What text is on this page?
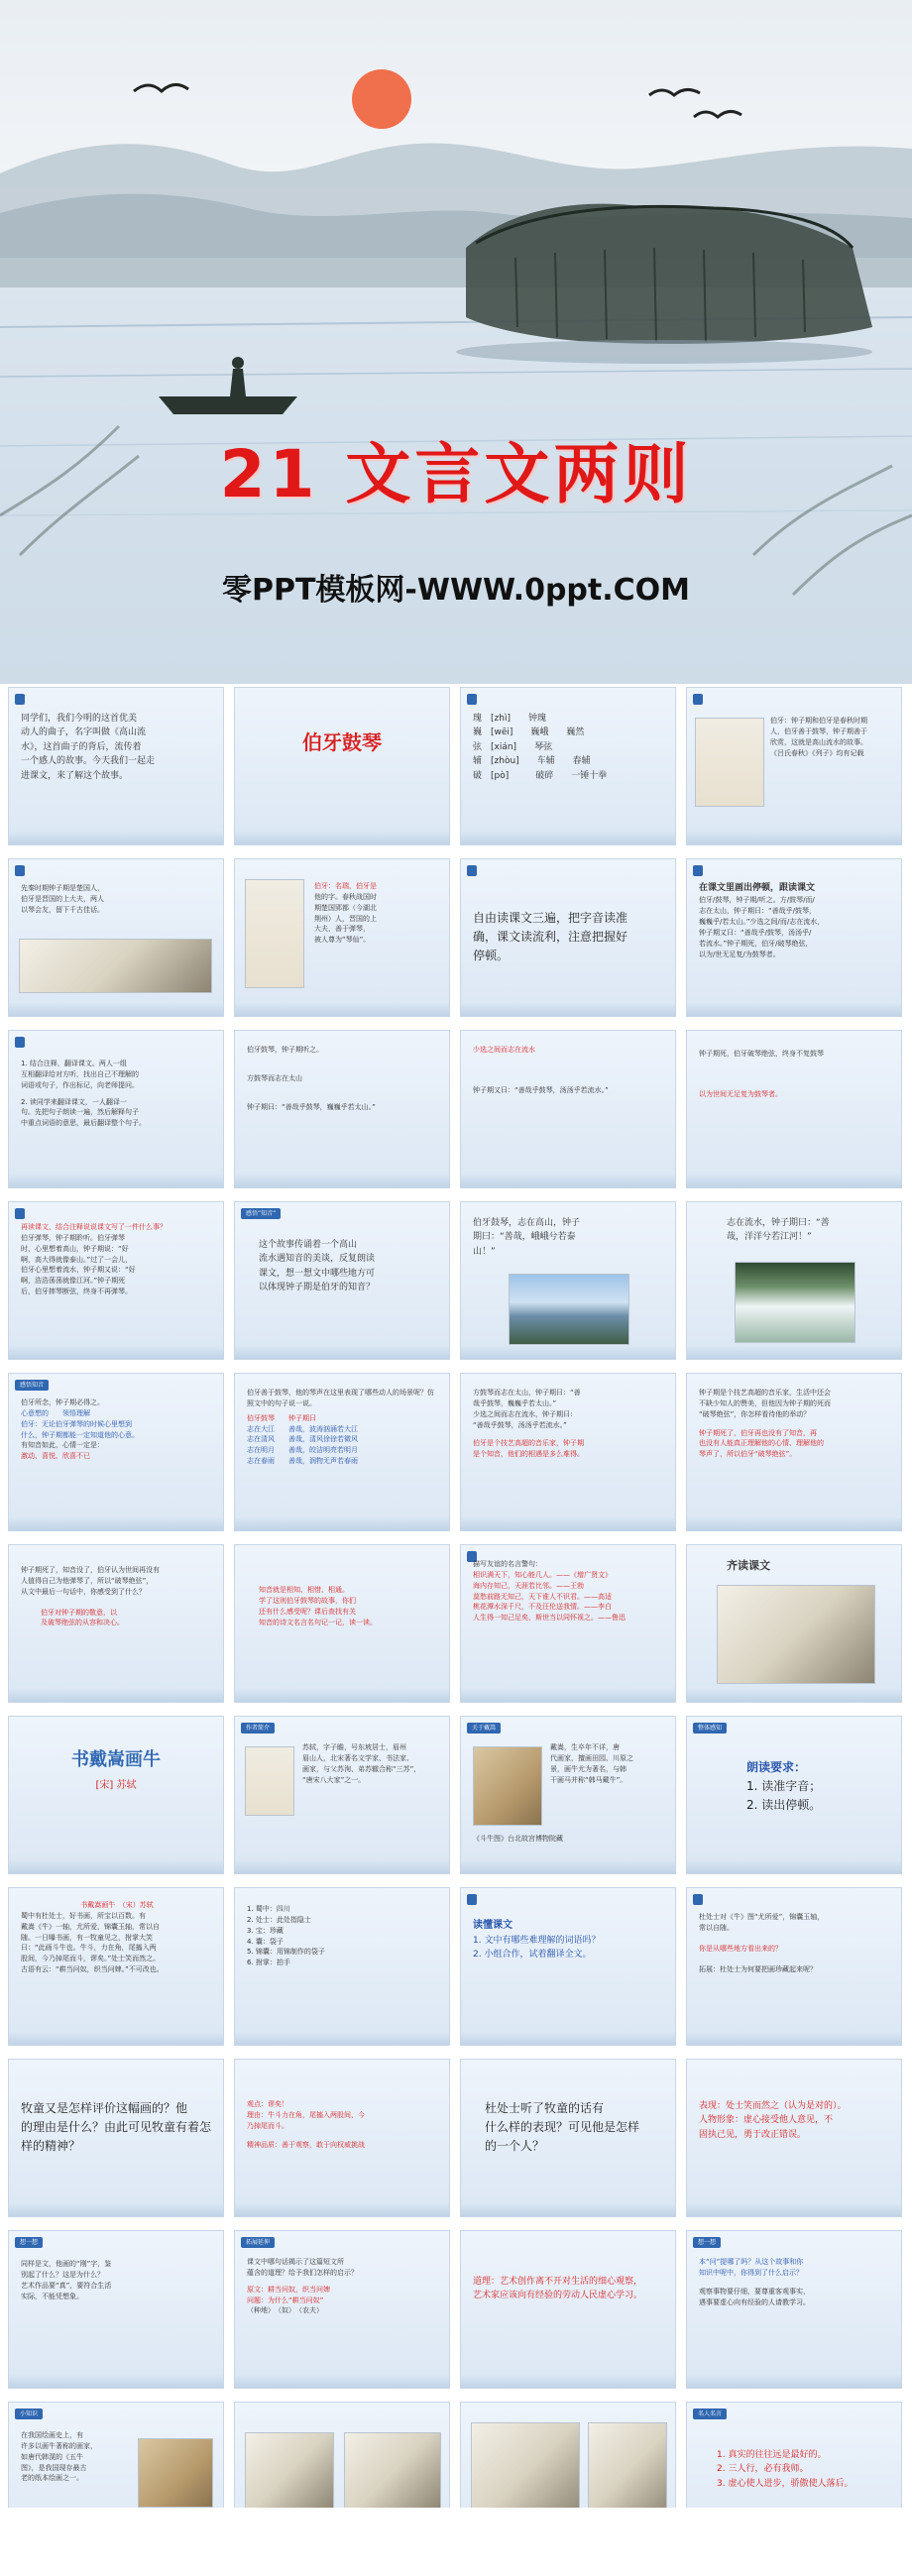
21 文言文两则
零PPT模板网-WWW.0ppt.COM
同学们，我们今明的这首优美
动人的曲子，名字叫做《高山流
水》，这首曲子的背后，流传着
一个感人的故事。今天我们一起走
进课文，来了解这个故事。
伯牙鼓琴
瑰　[zhì]　　钟瑰
巍　[wēi]　　巍峨　　巍然
弦　[xián]　　琴弦
辅　[zhòu]　　车辅　　春辅
破　[pò]　　　破碎　　一锤十拳
伯牙：钟子期和伯牙是春秋时期
人，伯牙善于鼓琴，钟子期善于
欣赏，这就是高山流水的故事。
《吕氏春秋》《列子》均有记载
先秦时期钟子期是楚国人，
伯牙是晋国的上大夫，两人
以琴会友，留下千古佳话。
伯牙：名瑞，伯牙是
他的字。春秋战国时
期楚国郢都（今湖北
荆州）人，晋国的上
大夫，善于弹琴，
被人尊为“琴仙”。
自由读课文三遍，把字音读准
确，课文读流利，注意把握好
停顿。
在课文里画出停顿，跟读课文
伯牙/鼓琴，钟子期/听之。方/鼓琴/而/
志在太山，钟子期曰：“善哉乎/鼓琴，
巍巍乎/若太山。”少选之间/而/志在流水，
钟子期又曰：“善哉乎/鼓琴，汤汤乎/
若流水。”钟子期死，伯牙/破琴绝弦，
以为/世无足复/为鼓琴者。
1. 结合注释，翻译课文。两人一组
互相翻译给对方听，找出自己不理解的
词语或句子，作出标记，向老师提问。
2. 读同学来翻译课文，一人翻译一
句。先把句子朗读一遍，然后解释句子
中重点词语的意思，最后翻译整个句子。
伯牙鼓琴，钟子期听之。
方鼓琴而志在太山
钟子期曰：“善哉乎鼓琴，巍巍乎若太山。”
少选之间而志在流水
钟子期又曰：“善哉乎鼓琴，汤汤乎若流水。”
钟子期死，伯牙破琴绝弦，终身不复鼓琴
以为世间无足复为鼓琴者。
再读课文，结合注释说说课文写了一件什么事？
伯牙弹琴，钟子期聆听。伯牙弹琴
时，心里想着高山，钟子期说：“好
啊，高大得就像泰山。”过了一会儿，
伯牙心里想着流水，钟子期又说：“好
啊，浩浩荡荡就像江河。”钟子期死
后，伯牙摔琴断弦，终身不再弹琴。
感悟“知音”
这个故事传诵着一个高山
流水遇知音的美谈，反复朗读
课文，想一想文中哪些地方可
以体现钟子期是伯牙的知音？
伯牙鼓琴，志在高山，钟子
期曰：“善哉，峨峨兮若泰
山！”
志在流水，钟子期曰：“善
哉，洋洋兮若江河！”
感悟知音
伯牙所念，钟子期必得之。
心意想的　　领悟理解
伯牙：无论伯牙弹琴的时候心里想到
什么，钟子期都能一定知道他的心意。
有知音如此，心情一定是：
激动、喜悦、欣喜不已
伯牙善于鼓琴，他的琴声在这里表现了哪些动人的场景呢？仿照文中的句子说一说。
伯牙鼓琴　　钟子期曰
志在大江　　善哉，波涛汹涌若大江
志在清风　　善哉，清风徐徐若微风
志在明月　　善哉，皎洁明亮若明月
志在春雨　　善哉，润物无声若春雨
方鼓琴而志在太山，钟子期曰：“善
哉乎鼓琴，巍巍乎若太山。”
少选之间而志在流水，钟子期曰：
“善哉乎鼓琴，汤汤乎若流水。”
伯牙是个技艺高超的音乐家，钟子期
是个知音，他们的相遇是多么难得。
钟子期是个技艺高超的音乐家，生活中还会
不缺少知人的赞美，但他因为钟子期的死而
“破琴绝弦”，你怎样看待他的举动？
钟子期死了，伯牙再也没有了知音，再
也没有人能真正理解他的心情、理解他的
琴声了，所以伯牙“破琴绝弦”。
钟子期死了，知音没了，伯牙认为世间再没有
人值得自己为他弹琴了，所以“破琴绝弦”，
从文中最后一句话中，你感受到了什么？
伯牙对钟子期的敬意，以
及破琴绝弦的从容和决心。
知音就是相知、相惜、相通。
学了这则伯牙鼓琴的故事，你们
还有什么感受呢？课后查找有关
知音的诗文名言名句记一记，读一读。
描写友谊的名言警句：
相识满天下，知心能几人。——《增广贤文》
海内存知己，天涯若比邻。——王勃
莫愁前路无知己，天下谁人不识君。——高适
桃花潭水深千尺，不及汪伦送我情。——李白
人生得一知己足矣，斯世当以同怀视之。——鲁迅
齐读课文
书戴嵩画牛
[宋] 苏轼
作者简介
苏轼，字子瞻，号东坡居士，眉州
眉山人，北宋著名文学家、书法家、
画家，与父苏洵、弟苏辙合称“三苏”，
“唐宋八大家”之一。
关于戴嵩
戴嵩，生卒年不详，唐
代画家，擅画田园、川原之
景，画牛尤为著名，与韩
干画马并称“韩马戴牛”。
《斗牛图》台北故宫博物院藏
整体感知
朗读要求：
1. 读准字音；
2. 读出停顿。
书戴嵩画牛　（宋）苏轼
蜀中有杜处士，好书画，所宝以百数。有
戴嵩《牛》一轴，尤所爱，锦囊玉轴，常以自
随。一日曝书画，有一牧童见之，拊掌大笑
曰：“此画斗牛也。牛斗，力在角，尾搐入两
股间，今乃掉尾而斗，谬矣。”处士笑而然之。
古语有云：“耕当问奴，织当问婢。”不可改也。
1. 蜀中：四川
2. 处士：此处指隐士
3. 宝：珍藏
4. 囊：袋子
5. 锦囊：用锦制作的袋子
6. 拊掌：拍手
读懂课文
1. 文中有哪些难理解的词语吗？
2. 小组合作，试着翻译全文。
杜处士对《牛》图“尤所爱”，锦囊玉轴，
常以自随。
你是从哪些地方看出来的？
拓展：杜处士为何要把画珍藏起来呢？
牧童又是怎样评价这幅画的？他
的理由是什么？由此可见牧童有着怎
样的精神？
观点：谬矣！
理由：牛斗力在角，尾搐入两股间，今
乃掉尾而斗。
精神品质：善于观察，敢于向权威挑战
杜处士听了牧童的话有
什么样的表现？可见他是怎样
的一个人？
表现：处士笑而然之（认为是对的）。
人物形象：虚心接受他人意见，不
固执己见，勇于改正错误。
想一想
同样是文，他画的“刚”字，鉴
别起了什么？这是为什么？
艺术作品要“真”，要符合生活
实际，不能凭想象。
拓展延伸
课文中哪句话揭示了这篇短文所
蕴含的道理？给予我们怎样的启示？
原文：耕当问奴，织当问婢
问题：为什么“耕当问奴”
（种地）　（奴）　（农夫）
道理：艺术创作离不开对生活的细心观察，
艺术家应该向有经验的劳动人民虚心学习。
想一想
本“问”提哪了吗？从这个故事和你
知识中呢中，你得到了什么启示？
观察事物要仔细，要尊重客观事实，
遇事要虚心向有经验的人请教学习。
小知识
在我国绘画史上，有
许多以画牛著称的画家，
如唐代韩滉的《五牛
图》，是我国现存最古
老的纸本绘画之一。
名人名言
1. 真实的往往远是最好的。
2. 三人行，必有我师。
3. 虚心使人进步，骄傲使人落后。
